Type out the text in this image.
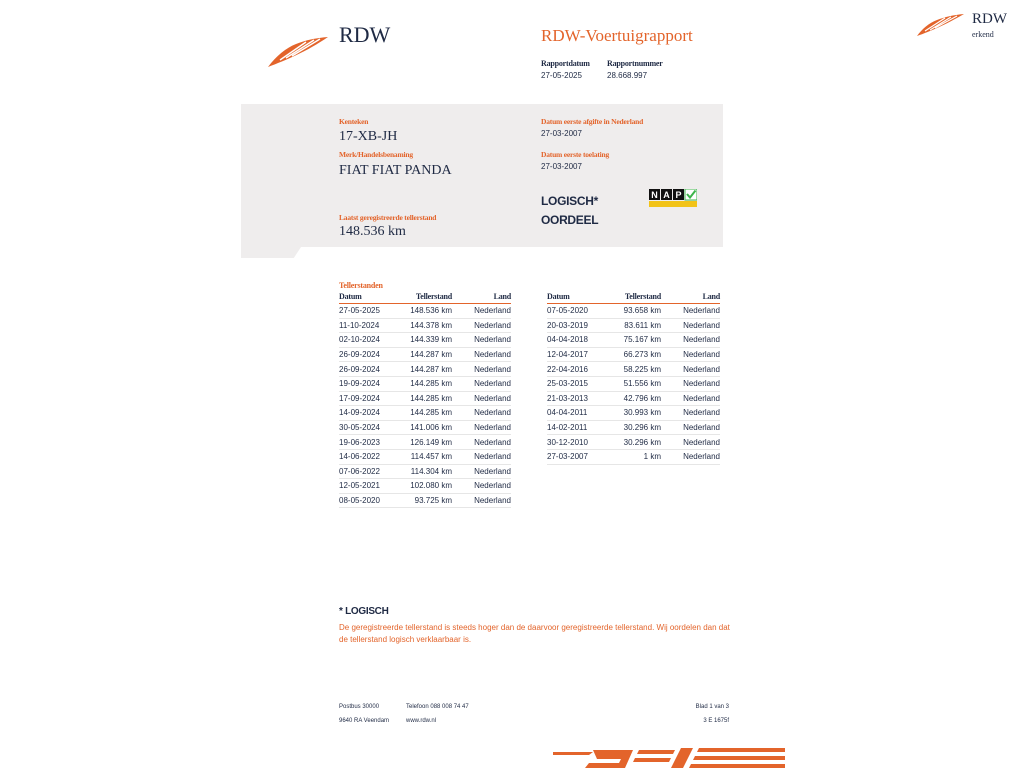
RDW	RDW-Voertuigrapport
Rapportdatum
27-05-2025
Rapportnummer
28.668.997
RDW
erkend
Kenteken
17-XB-JH
Merk/Handelsbenaming
FIAT FIAT PANDA
Laatst geregistreerde tellerstand
148.536 km
Datum eerste afgifte in Nederland
27-03-2007
Datum eerste toelating
27-03-2007
LOGISCH*
OORDEEL
N A P
Tellerstanden
Datum	Tellerstand	Land
27-05-2025	148.536 km	Nederland
11-10-2024	144.378 km	Nederland
02-10-2024	144.339 km	Nederland
26-09-2024	144.287 km	Nederland
26-09-2024	144.287 km	Nederland
19-09-2024	144.285 km	Nederland
17-09-2024	144.285 km	Nederland
14-09-2024	144.285 km	Nederland
30-05-2024	141.006 km	Nederland
19-06-2023	126.149 km	Nederland
14-06-2022	114.457 km	Nederland
07-06-2022	114.304 km	Nederland
12-05-2021	102.080 km	Nederland
08-05-2020	93.725 km	Nederland
Datum	Tellerstand	Land
07-05-2020	93.658 km	Nederland
20-03-2019	83.611 km	Nederland
04-04-2018	75.167 km	Nederland
12-04-2017	66.273 km	Nederland
22-04-2016	58.225 km	Nederland
25-03-2015	51.556 km	Nederland
21-03-2013	42.796 km	Nederland
04-04-2011	30.993 km	Nederland
14-02-2011	30.296 km	Nederland
30-12-2010	30.296 km	Nederland
27-03-2007	1 km	Nederland
* LOGISCH
De geregistreerde tellerstand is steeds hoger dan de daarvoor geregistreerde tellerstand. Wij oordelen dan dat de tellerstand logisch verklaarbaar is.
Postbus 30000
9640 RA Veendam
Telefoon 088 008 74 47
www.rdw.nl
Blad 1 van 3
3 E 1675f
